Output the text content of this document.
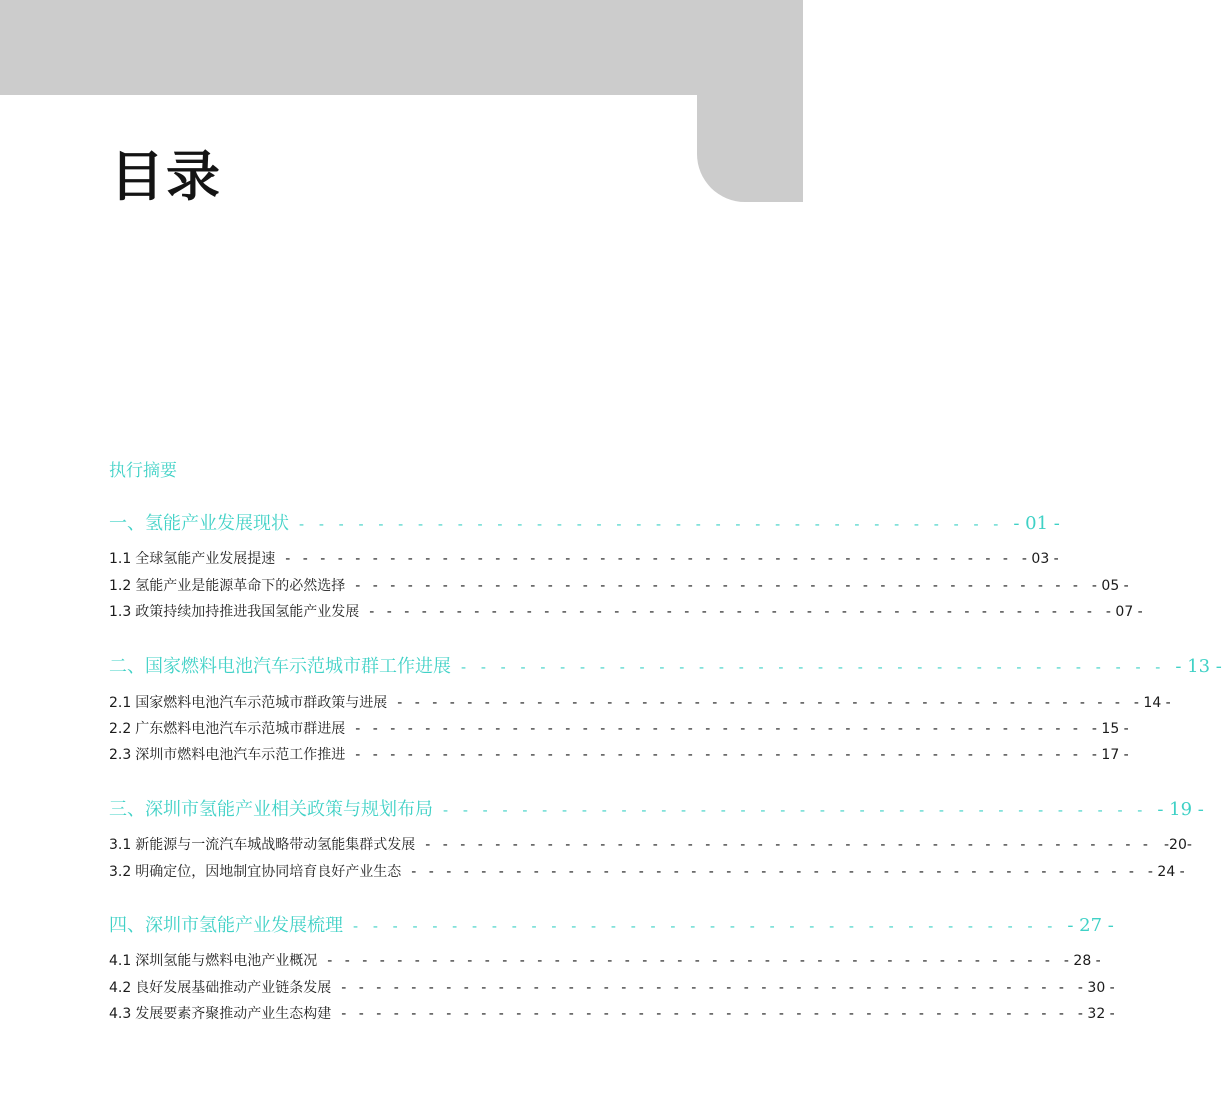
目录
执行摘要
一、氢能产业发展现状 - - - - - - - - - - - - - - - - - - - - - - - - - - - - - - - - - - - - - 01 -
1.1 全球氢能产业发展提速 - - - - - - - - - - - - - - - - - - - - - - - - - - - - - - - - - - - - - - - - - - - 03 -
1.2 氢能产业是能源革命下的必然选择 - - - - - - - - - - - - - - - - - - - - - - - - - - - - - - - - - - - - - - - - - - - 05 -
1.3 政策持续加持推进我国氢能产业发展 - - - - - - - - - - - - - - - - - - - - - - - - - - - - - - - - - - - - - - - - - - - 07 -
二、国家燃料电池汽车示范城市群工作进展 - - - - - - - - - - - - - - - - - - - - - - - - - - - - - - - - - - - - - 13 -
2.1 国家燃料电池汽车示范城市群政策与进展 - - - - - - - - - - - - - - - - - - - - - - - - - - - - - - - - - - - - - - - - - - - 14 -
2.2 广东燃料电池汽车示范城市群进展 - - - - - - - - - - - - - - - - - - - - - - - - - - - - - - - - - - - - - - - - - - - 15 -
2.3 深圳市燃料电池汽车示范工作推进 - - - - - - - - - - - - - - - - - - - - - - - - - - - - - - - - - - - - - - - - - - - 17 -
三、深圳市氢能产业相关政策与规划布局 - - - - - - - - - - - - - - - - - - - - - - - - - - - - - - - - - - - - - 19 -
3.1 新能源与一流汽车城战略带动氢能集群式发展 - - - - - - - - - - - - - - - - - - - - - - - - - - - - - - - - - - - - - - - - - - -20-
3.2 明确定位，因地制宜协同培育良好产业生态 - - - - - - - - - - - - - - - - - - - - - - - - - - - - - - - - - - - - - - - - - - - 24 -
四、深圳市氢能产业发展梳理 - - - - - - - - - - - - - - - - - - - - - - - - - - - - - - - - - - - - - 27 -
4.1 深圳氢能与燃料电池产业概况 - - - - - - - - - - - - - - - - - - - - - - - - - - - - - - - - - - - - - - - - - - - 28 -
4.2 良好发展基础推动产业链条发展 - - - - - - - - - - - - - - - - - - - - - - - - - - - - - - - - - - - - - - - - - - - 30 -
4.3 发展要素齐聚推动产业生态构建 - - - - - - - - - - - - - - - - - - - - - - - - - - - - - - - - - - - - - - - - - - - 32 -
